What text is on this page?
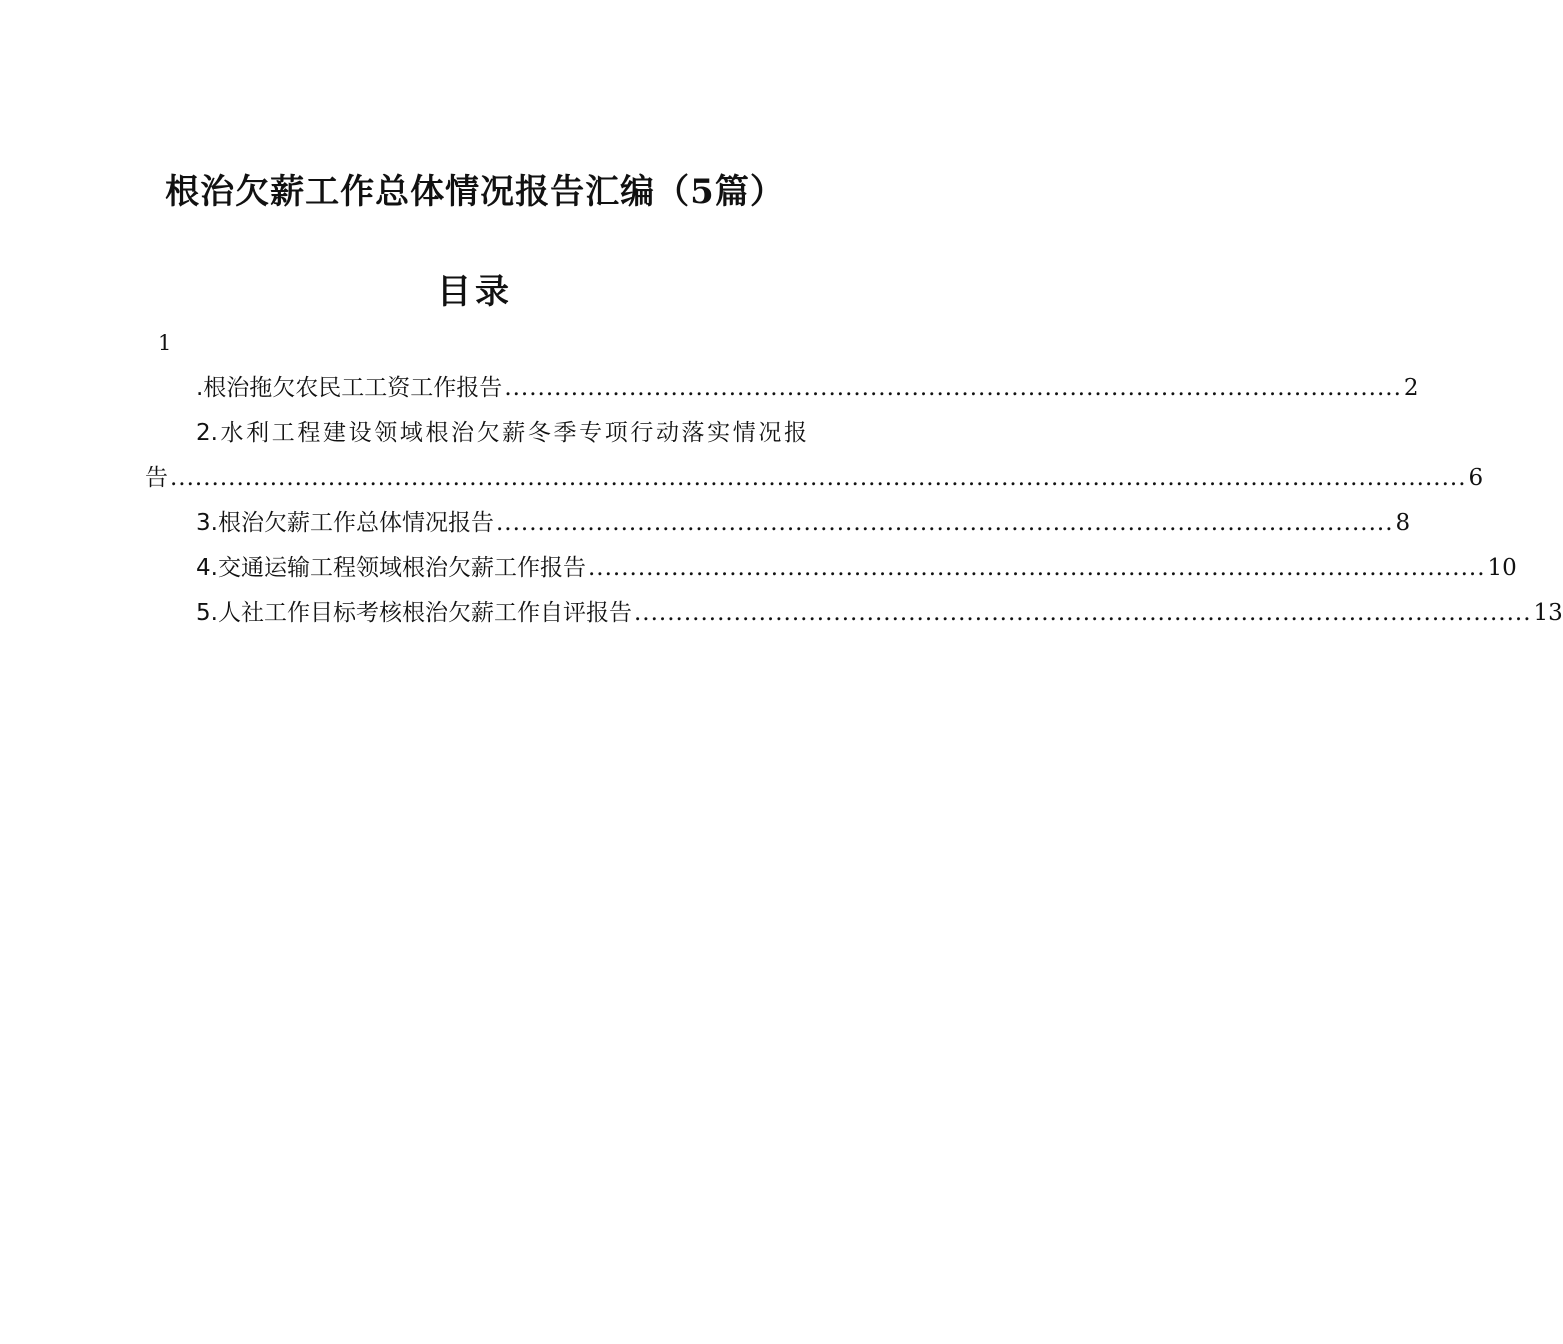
根治欠薪工作总体情况报告汇编（5篇）
目录
1
.根治拖欠农民工工资工作报告 ............................................................................................................ 2
2.水利工程建设领域根治欠薪冬季专项行动落实情况报
告 ............................................................................................................................................................ 6
3.根治欠薪工作总体情况报告 ............................................................................................................ 8
4.交通运输工程领域根治欠薪工作报告 ............................................................................................................ 10
5.人社工作目标考核根治欠薪工作自评报告 ............................................................................................................ 13
